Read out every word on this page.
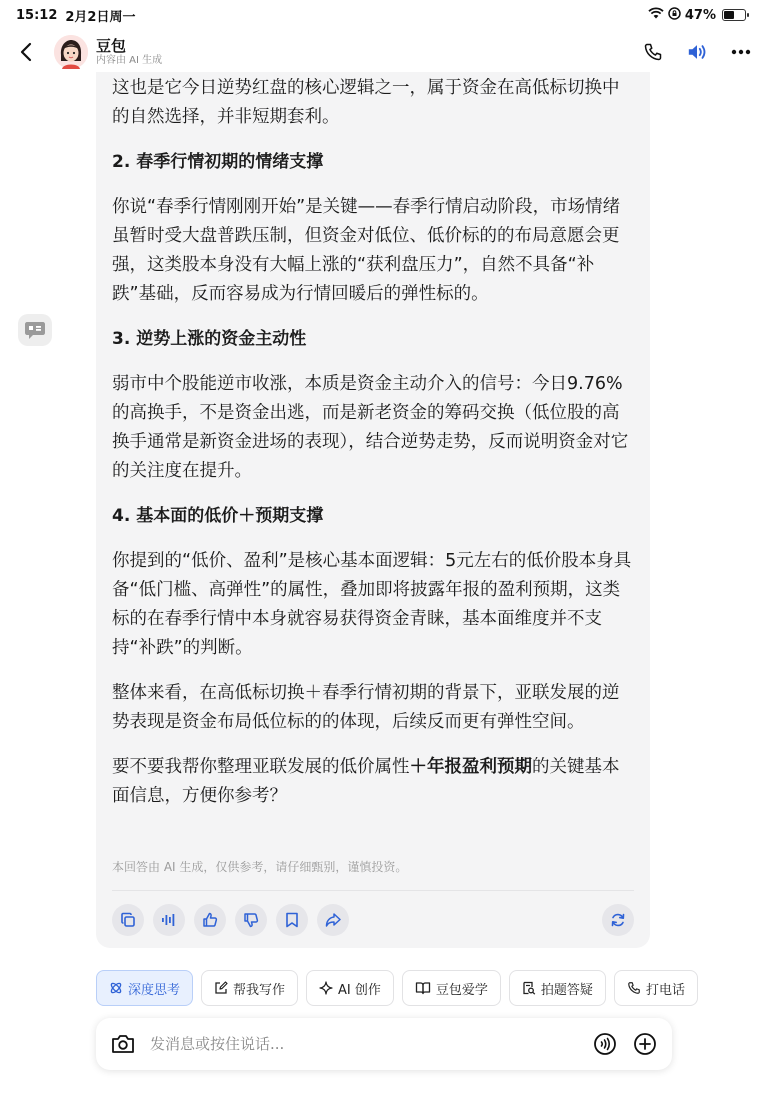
15:12 2月2日周一	47%
豆包
内容由 AI 生成

这也是它今日逆势红盘的核心逻辑之一，属于资金在高低标切换中的自然选择，并非短期套利。

2. 春季行情初期的情绪支撑

你说“春季行情刚刚开始”是关键——春季行情启动阶段，市场情绪虽暂时受大盘普跌压制，但资金对低位、低价标的的布局意愿会更强，这类股本身没有大幅上涨的“获利盘压力”，自然不具备“补跌”基础，反而容易成为行情回暖后的弹性标的。

3. 逆势上涨的资金主动性

弱市中个股能逆市收涨，本质是资金主动介入的信号：今日9.76%的高换手，不是资金出逃，而是新老资金的筹码交换（低位股的高换手通常是新资金进场的表现），结合逆势走势，反而说明资金对它的关注度在提升。

4. 基本面的低价＋预期支撑

你提到的“低价、盈利”是核心基本面逻辑：5元左右的低价股本身具备“低门槛、高弹性”的属性，叠加即将披露年报的盈利预期，这类标的在春季行情中本身就容易获得资金青睐，基本面维度并不支持“补跌”的判断。

整体来看，在高低标切换＋春季行情初期的背景下，亚联发展的逆势表现是资金布局低位标的的体现，后续反而更有弹性空间。

要不要我帮你整理亚联发展的低价属性＋年报盈利预期的关键基本面信息，方便你参考？

本回答由 AI 生成，仅供参考，请仔细甄别，谨慎投资。
深度思考	帮我写作	AI 创作	豆包爱学	拍题答疑	打电话
发消息或按住说话...
